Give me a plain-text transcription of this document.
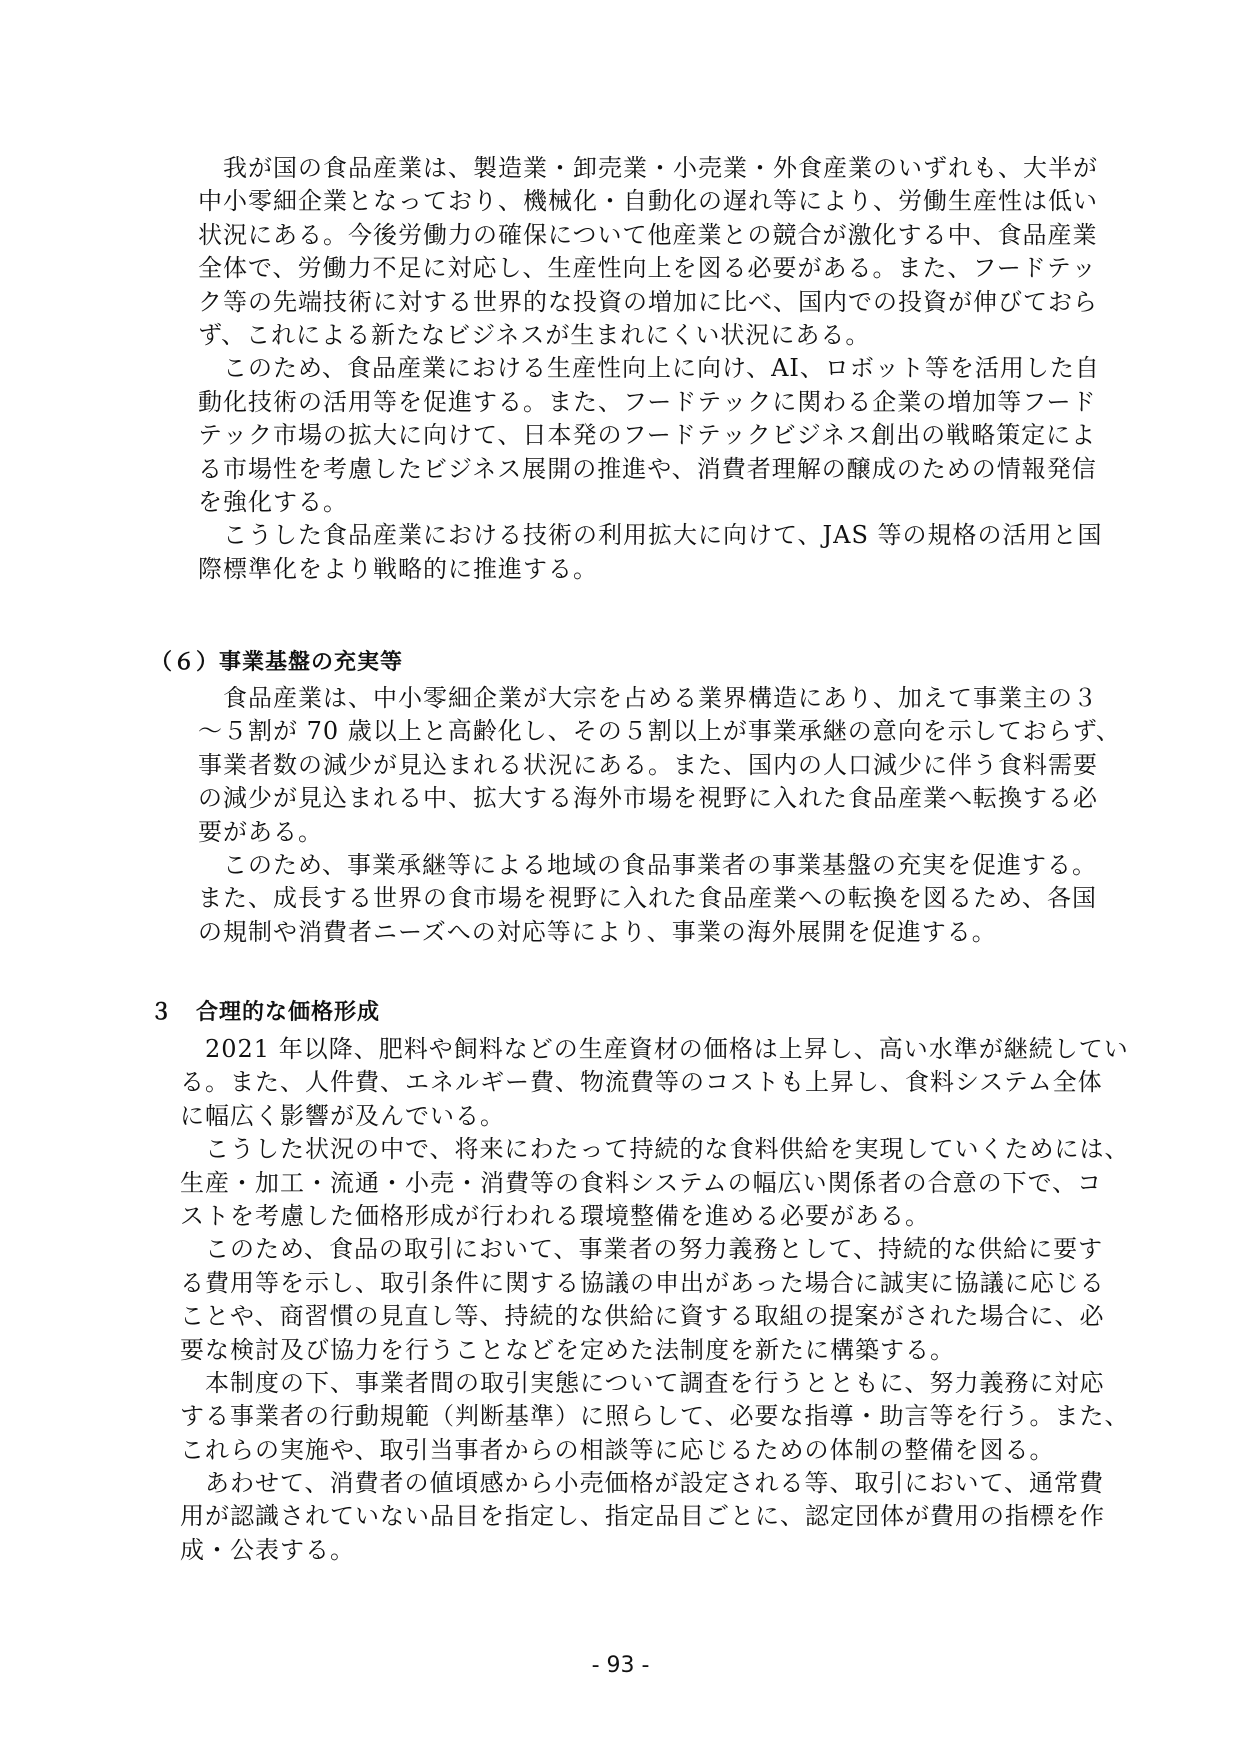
　我が国の食品産業は、製造業・卸売業・小売業・外食産業のいずれも、大半が

中小零細企業となっており、機械化・自動化の遅れ等により、労働生産性は低い

状況にある。今後労働力の確保について他産業との競合が激化する中、食品産業

全体で、労働力不足に対応し、生産性向上を図る必要がある。また、フードテッ

ク等の先端技術に対する世界的な投資の増加に比べ、国内での投資が伸びておら

ず、これによる新たなビジネスが生まれにくい状況にある。

　このため、食品産業における生産性向上に向け、AI、ロボット等を活用した自

動化技術の活用等を促進する。また、フードテックに関わる企業の増加等フード

テック市場の拡大に向けて、日本発のフードテックビジネス創出の戦略策定によ

る市場性を考慮したビジネス展開の推進や、消費者理解の醸成のための情報発信

を強化する。

　こうした食品産業における技術の利用拡大に向けて、JAS 等の規格の活用と国

際標準化をより戦略的に推進する。

（６）事業基盤の充実等

　食品産業は、中小零細企業が大宗を占める業界構造にあり、加えて事業主の３

～５割が 70 歳以上と高齢化し、その５割以上が事業承継の意向を示しておらず、

事業者数の減少が見込まれる状況にある。また、国内の人口減少に伴う食料需要

の減少が見込まれる中、拡大する海外市場を視野に入れた食品産業へ転換する必

要がある。

　このため、事業承継等による地域の食品事業者の事業基盤の充実を促進する。

また、成長する世界の食市場を視野に入れた食品産業への転換を図るため、各国

の規制や消費者ニーズへの対応等により、事業の海外展開を促進する。

３　合理的な価格形成

　2021 年以降、肥料や飼料などの生産資材の価格は上昇し、高い水準が継続してい

る。また、人件費、エネルギー費、物流費等のコストも上昇し、食料システム全体

に幅広く影響が及んでいる。

　こうした状況の中で、将来にわたって持続的な食料供給を実現していくためには、

生産・加工・流通・小売・消費等の食料システムの幅広い関係者の合意の下で、コ

ストを考慮した価格形成が行われる環境整備を進める必要がある。

　このため、食品の取引において、事業者の努力義務として、持続的な供給に要す

る費用等を示し、取引条件に関する協議の申出があった場合に誠実に協議に応じる

ことや、商習慣の見直し等、持続的な供給に資する取組の提案がされた場合に、必

要な検討及び協力を行うことなどを定めた法制度を新たに構築する。

　本制度の下、事業者間の取引実態について調査を行うとともに、努力義務に対応

する事業者の行動規範（判断基準）に照らして、必要な指導・助言等を行う。また、

これらの実施や、取引当事者からの相談等に応じるための体制の整備を図る。

　あわせて、消費者の値頃感から小売価格が設定される等、取引において、通常費

用が認識されていない品目を指定し、指定品目ごとに、認定団体が費用の指標を作

成・公表する。

- 93 -
